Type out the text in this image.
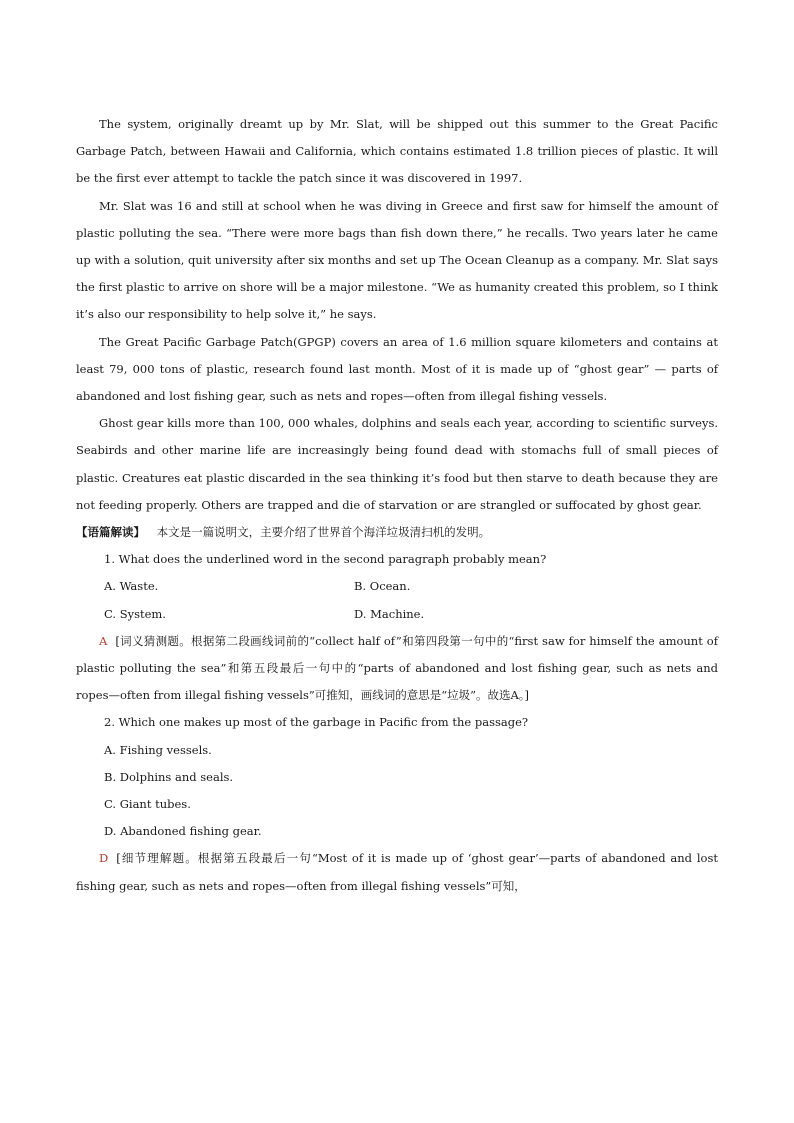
The system, originally dreamt up by Mr. Slat, will be shipped out this summer to the Great Pacific Garbage Patch, between Hawaii and California, which contains estimated 1.8 trillion pieces of plastic. It will be the first ever attempt to tackle the patch since it was discovered in 1997.

Mr. Slat was 16 and still at school when he was diving in Greece and first saw for himself the amount of plastic polluting the sea. “There were more bags than fish down there,” he recalls. Two years later he came up with a solution, quit university after six months and set up The Ocean Cleanup as a company. Mr. Slat says the first plastic to arrive on shore will be a major milestone. “We as humanity created this problem, so I think it’s also our responsibility to help solve it,” he says.

The Great Pacific Garbage Patch(GPGP) covers an area of 1.6 million square kilometers and contains at least 79, 000 tons of plastic, research found last month. Most of it is made up of “ghost gear” — parts of abandoned and lost fishing gear, such as nets and ropes—often from illegal fishing vessels.

Ghost gear kills more than 100, 000 whales, dolphins and seals each year, according to scientific surveys. Seabirds and other marine life are increasingly being found dead with stomachs full of small pieces of plastic. Creatures eat plastic discarded in the sea thinking it’s food but then starve to death because they are not feeding properly. Others are trapped and die of starvation or are strangled or suffocated by ghost gear.

【语篇解读】 本文是一篇说明文，主要介绍了世界首个海洋垃圾清扫机的发明。

1. What does the underlined word in the second paragraph probably mean?

A. Waste.	B. Ocean.
C. System.	D. Machine.

A [词义猜测题。根据第二段画线词前的“collect half of”和第四段第一句中的“first saw for himself the amount of plastic polluting the sea”和第五段最后一句中的“parts of abandoned and lost fishing gear, such as nets and ropes—often from illegal fishing vessels”可推知，画线词的意思是“垃圾”。故选A。]

2. Which one makes up most of the garbage in Pacific from the passage?

A. Fishing vessels.

B. Dolphins and seals.

C. Giant tubes.

D. Abandoned fishing gear.

D [细节理解题。根据第五段最后一句“Most of it is made up of ‘ghost gear’—parts of abandoned and lost fishing gear, such as nets and ropes—often from illegal fishing vessels”可知，
